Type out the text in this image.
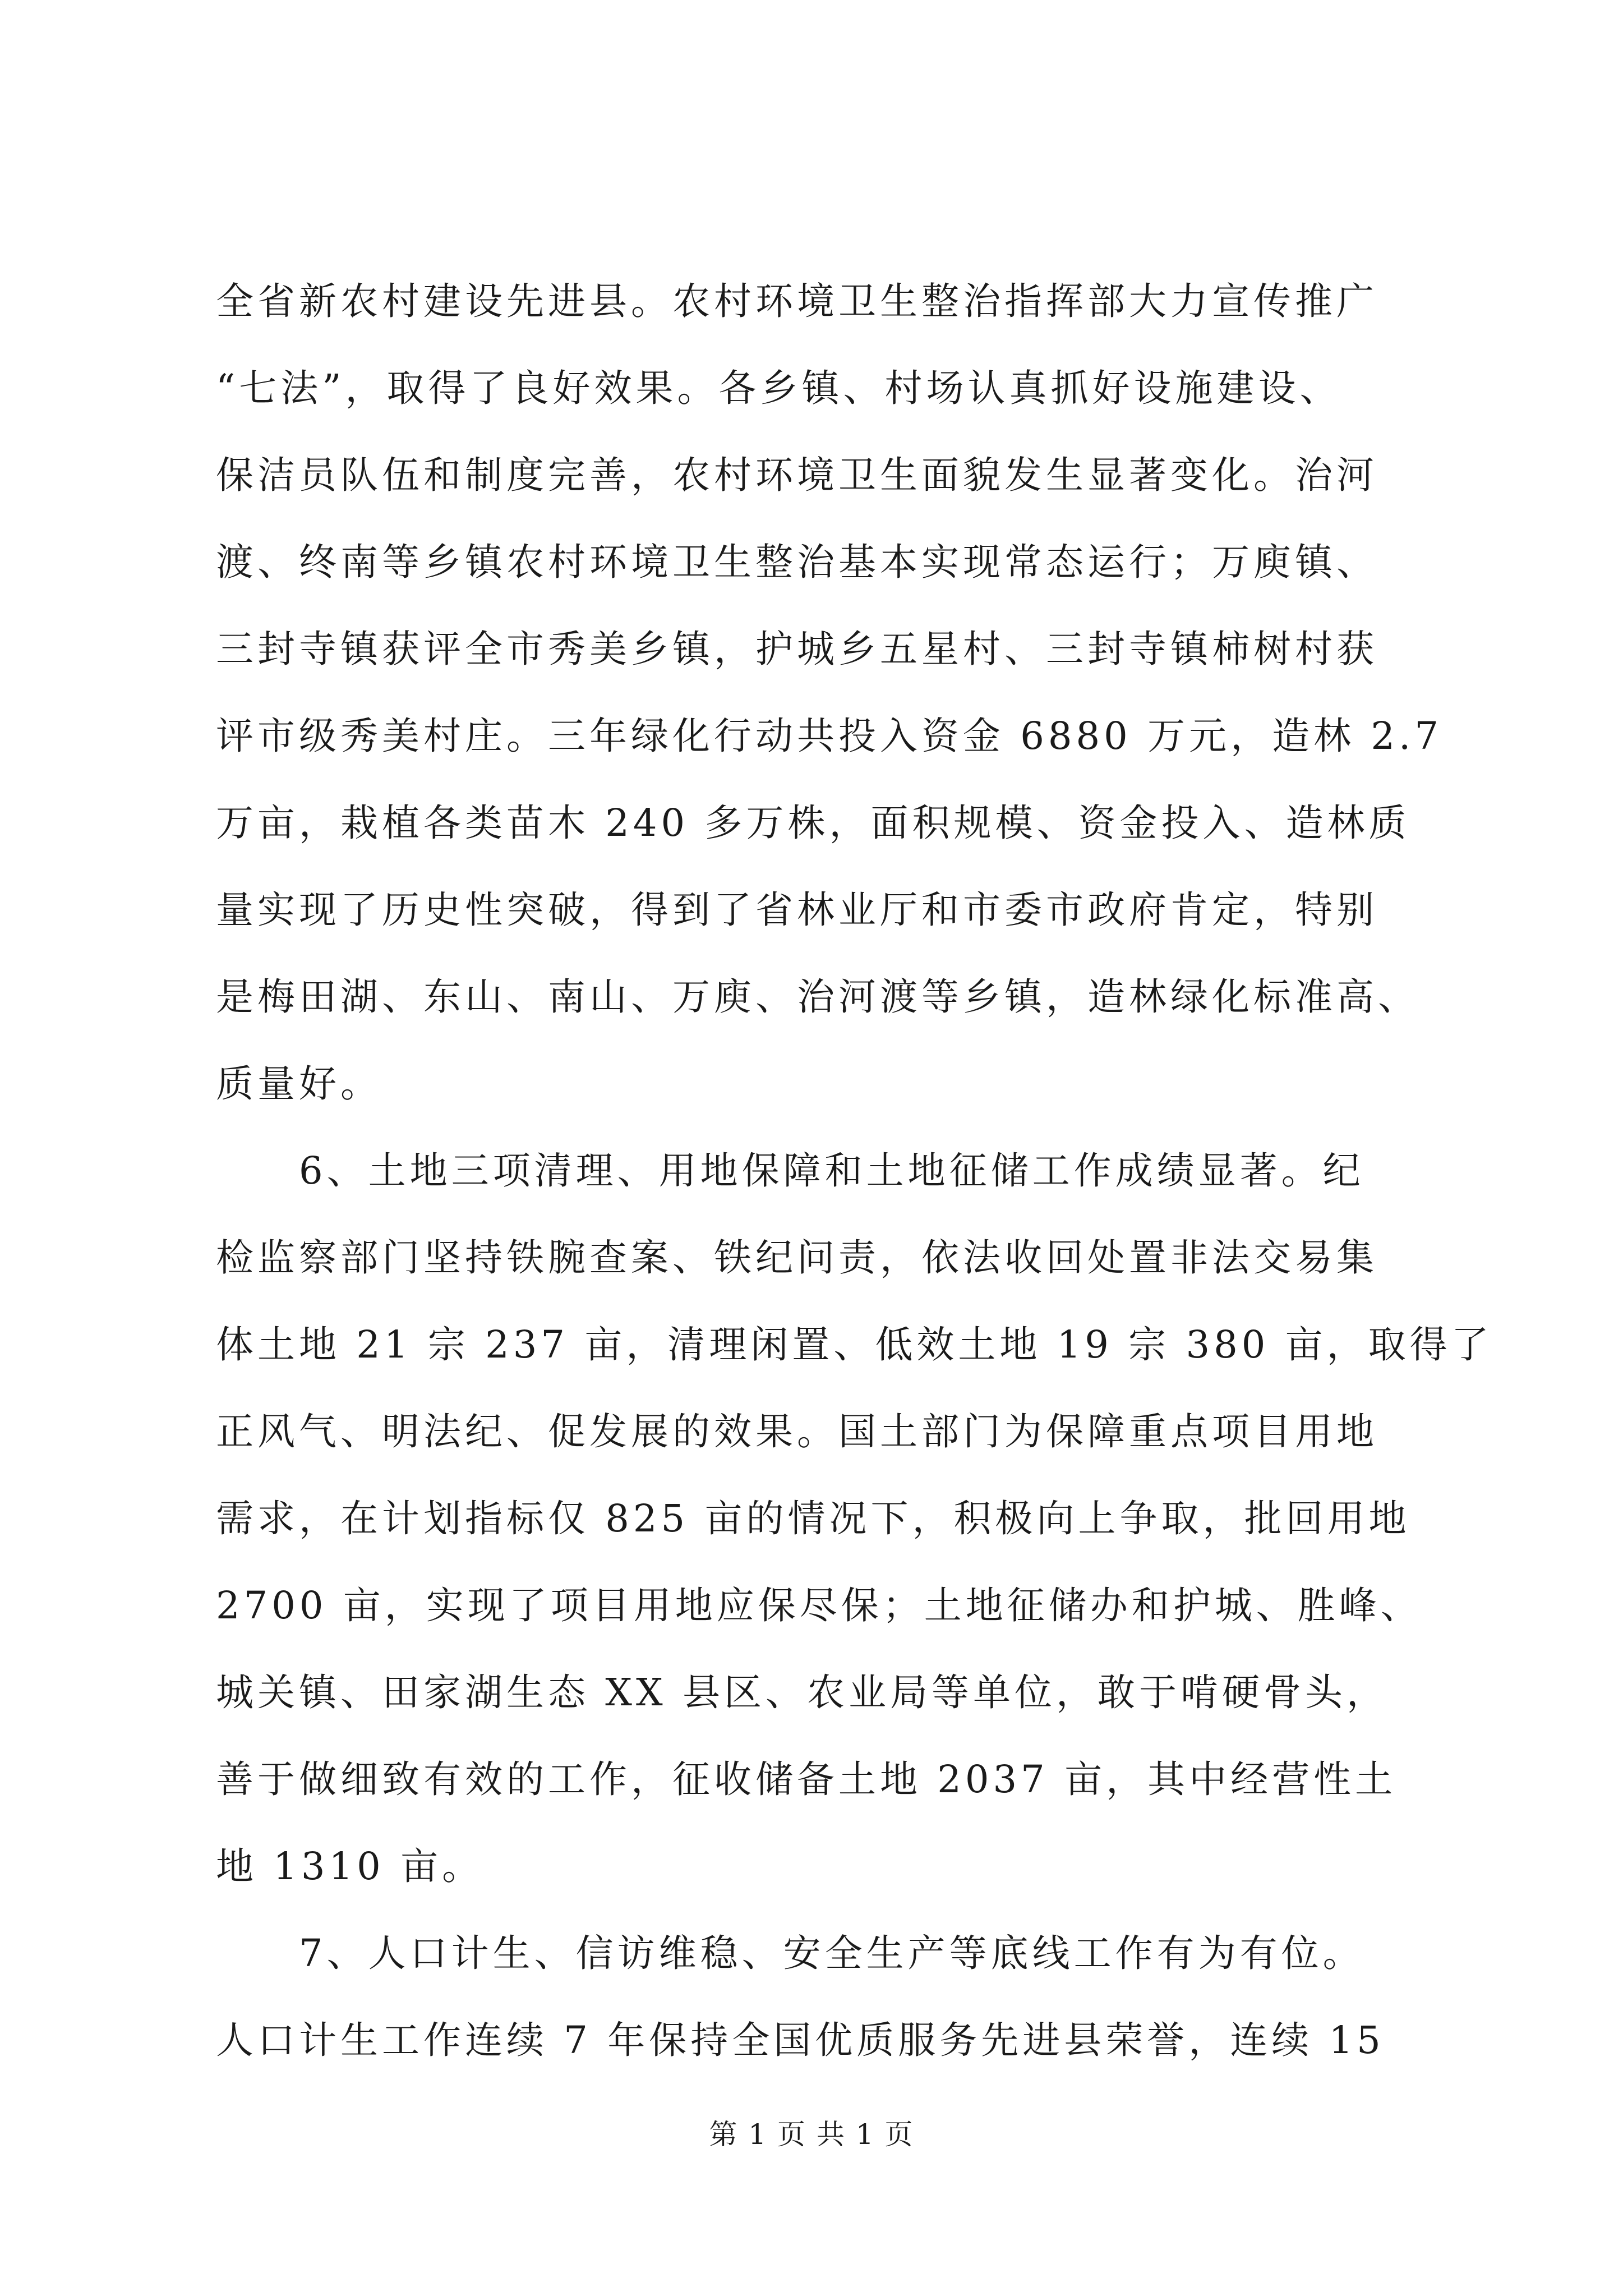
全省新农村建设先进县。农村环境卫生整治指挥部大力宣传推广
“七法”，取得了良好效果。各乡镇、村场认真抓好设施建设、
保洁员队伍和制度完善，农村环境卫生面貌发生显著变化。治河
渡、终南等乡镇农村环境卫生整治基本实现常态运行；万庾镇、
三封寺镇获评全市秀美乡镇，护城乡五星村、三封寺镇柿树村获
评市级秀美村庄。三年绿化行动共投入资金 6880 万元，造林 2.7
万亩，栽植各类苗木 240 多万株，面积规模、资金投入、造林质
量实现了历史性突破，得到了省林业厅和市委市政府肯定，特别
是梅田湖、东山、南山、万庾、治河渡等乡镇，造林绿化标准高、
质量好。
6、土地三项清理、用地保障和土地征储工作成绩显著。纪
检监察部门坚持铁腕查案、铁纪问责，依法收回处置非法交易集
体土地 21 宗 237 亩，清理闲置、低效土地 19 宗 380 亩，取得了
正风气、明法纪、促发展的效果。国土部门为保障重点项目用地
需求，在计划指标仅 825 亩的情况下，积极向上争取，批回用地
2700 亩，实现了项目用地应保尽保；土地征储办和护城、胜峰、
城关镇、田家湖生态 XX 县区、农业局等单位，敢于啃硬骨头，
善于做细致有效的工作，征收储备土地 2037 亩，其中经营性土
地 1310 亩。
7、人口计生、信访维稳、安全生产等底线工作有为有位。
人口计生工作连续 7 年保持全国优质服务先进县荣誉，连续 15
第 1 页 共 1 页
